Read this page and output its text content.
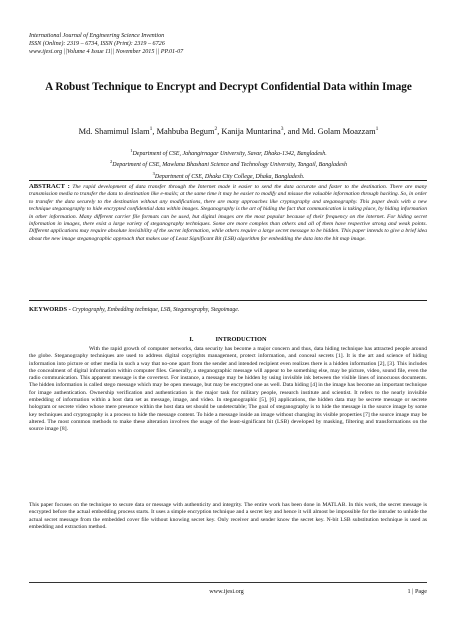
International Journal of Engineering Science Invention
ISSN (Online): 2319 – 6734, ISSN (Print): 2319 – 6726
www.ijesi.org ||Volume 4 Issue 11|| November 2015 || PP.01-07
A Robust Technique to Encrypt and Decrypt Confidential Data within Image
Md. Shamimul Islam$^1$, Mahbuba Begum$^2$, Kanija Muntarina$^3$, and Md. Golam Moazzam$^1$
$^1$Department of CSE, Jahangirnagar University, Savar, Dhaka-1342, Bangladesh.
$^2$Department of CSE, Mawlana Bhashani Science and Technology University, Tangail, Bangladesh
$^3$Department of CSE, Dhaka City College, Dhaka, Bangladesh.
ABSTRACT : The rapid development of data transfer through the Internet made it easier to send the data accurate and faster to the destination. There are many transmission media to transfer the data to destination like e-mails; at the same time it may be easier to modify and misuse the valuable information through hacking. So, in order to transfer the data securely to the destination without any modifications, there are many approaches like cryptography and steganography. This paper deals with a new technique steganography to hide encrypted confidential data within images. Steganography is the art of hiding the fact that communication is taking place, by hiding information in other information. Many different carrier file formats can be used, but digital images are the most popular because of their frequency on the internet. For hiding secret information in images, there exist a large variety of steganography techniques. Some are more complex than others and all of them have respective strong and weak points. Different applications may require absolute invisibility of the secret information, while others require a large secret message to be hidden. This paper intends to give a brief idea about the new image steganographic approach that makes use of Least Significant Bit (LSB) algorithm for embedding the data into the bit map image.
KEYWORDS - Cryptography, Embedding technique, LSB, Steganography, Stegoimage.
I.	INTRODUCTION
With the rapid growth of computer networks, data security has become a major concern and thus, data hiding technique has attracted people around the globe. Steganography techniques are used to address digital copyrights management, protect information, and conceal secrets [1]. It is the art and science of hiding information into picture or other media in such a way that no-one apart from the sender and intended recipient even realizes there is a hidden information [2], [3]. This includes the concealment of digital information within computer files. Generally, a steganographic message will appear to be something else, may be picture, video, sound file, even the radio communication. This apparent message is the covertext. For instance, a message may be hidden by using invisible ink between the visible lines of innocuous documents. The hidden information is called stego message which may be open message, but may be encrypted one as well. Data hiding [4] in the image has become an important technique for image authentication. Ownership verification and authentication is the major task for military people, research institute and scientist. It refers to the nearly invisible embedding of information within a host data set as message, image, and video. In steganographic [5], [6] applications, the hidden data may be secrete message or secrete hologram or secrete video whose mere presence within the host data set should be undetectable; The goal of steganography is to hide the message in the source image by some key techniques and cryptography is a process to hide the message content. To hide a message inside an image without changing its visible properties [7] the source image may be altered. The most common methods to make these alteration involves the usage of the least-significant bit (LSB) developed by masking, filtering and transformations on the source image [8].
This paper focuses on the technique to secure data or message with authenticity and integrity. The entire work has been done in MATLAB. In this work, the secret message is encrypted before the actual embedding process starts. It uses a simple encryption technique and a secret key and hence it will almost be impossible for the intruder to unhide the actual secret message from the embedded cover file without knowing secret key. Only receiver and sender know the secret key. N-bit LSB substitution technique is used as embedding and extraction method.
www.ijesi.org	1 | Page
